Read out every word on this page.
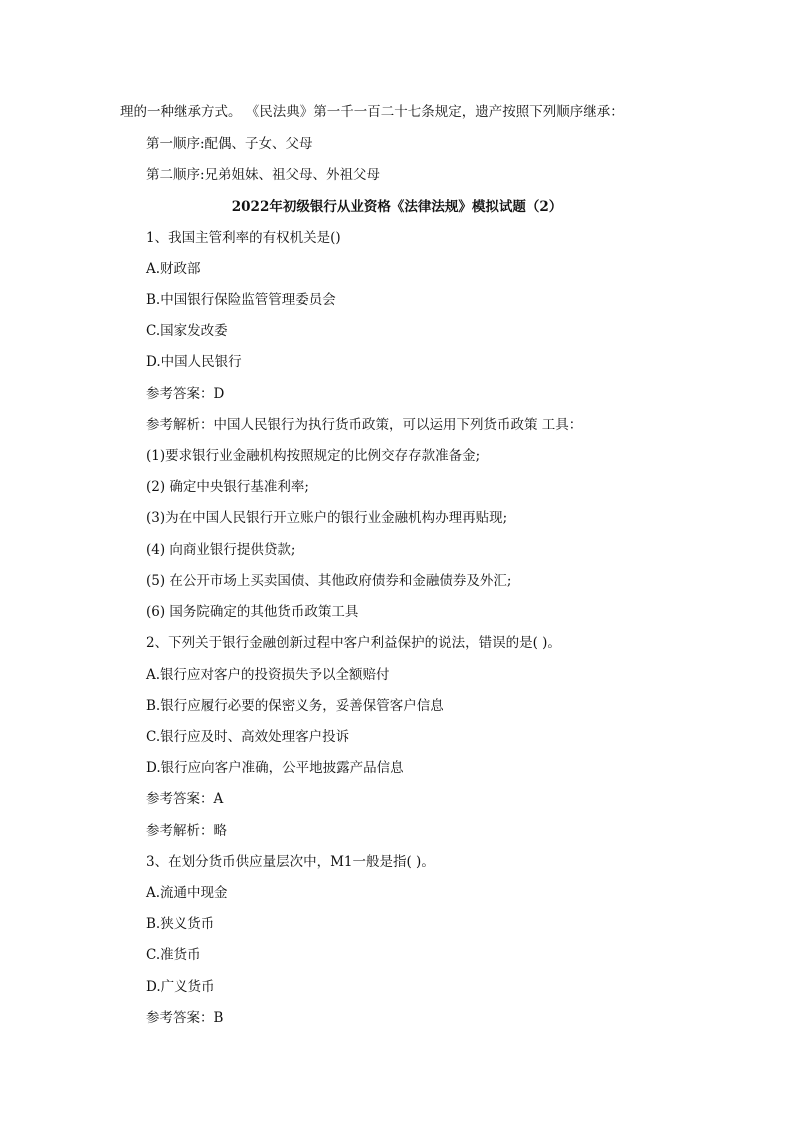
理的一种继承方式。 《民法典》第一千一百二十七条规定，遗产按照下列顺序继承：
第一顺序:配偶、子女、父母
第二顺序:兄弟姐妹、祖父母、外祖父母
2022年初级银行从业资格《法律法规》模拟试题（2）
1、我国主管利率的有权机关是()
A.财政部
B.中国银行保险监管管理委员会
C.国家发改委
D.中国人民银行
参考答案：D
参考解析：中国人民银行为执行货币政策，可以运用下列货币政策 工具：
(1)要求银行业金融机构按照规定的比例交存存款准备金;
(2) 确定中央银行基准利率;
(3)为在中国人民银行开立账户的银行业金融机构办理再贴现;
(4) 向商业银行提供贷款;
(5) 在公开市场上买卖国债、其他政府债券和金融债券及外汇;
(6) 国务院确定的其他货币政策工具
2、下列关于银行金融创新过程中客户利益保护的说法，错误的是( )。
A.银行应对客户的投资损失予以全额赔付
B.银行应履行必要的保密义务，妥善保管客户信息
C.银行应及时、高效处理客户投诉
D.银行应向客户准确，公平地披露产品信息
参考答案：A
参考解析：略
3、在划分货币供应量层次中，M1一般是指( )。
A.流通中现金
B.狭义货币
C.准货币
D.广义货币
参考答案：B
